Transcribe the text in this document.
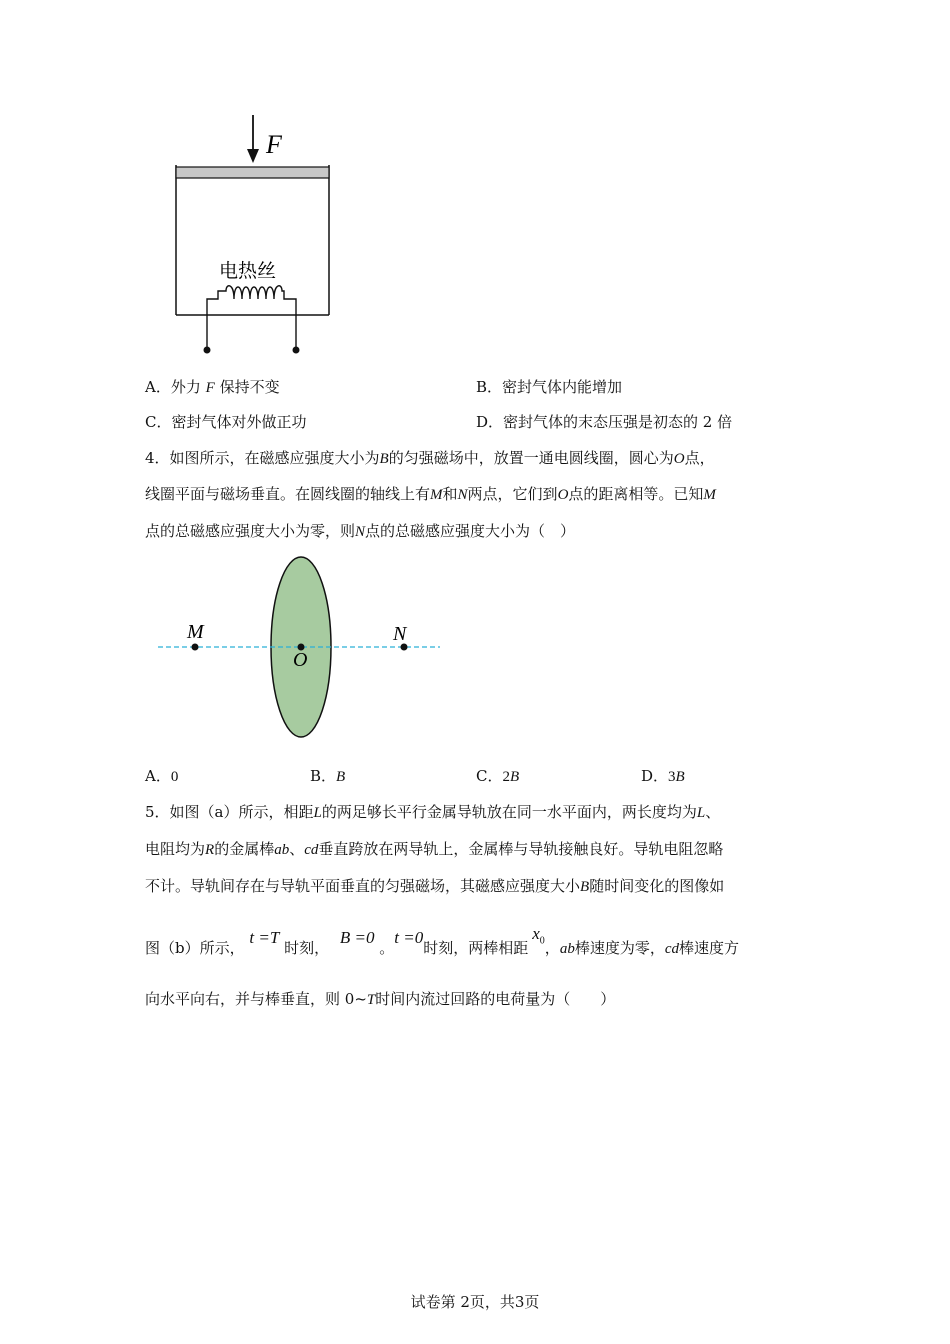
F
电热丝
A．外力 F 保持不变	B．密封气体内能增加
C．密封气体对外做正功	D．密封气体的末态压强是初态的 2 倍
4．如图所示，在磁感应强度大小为B的匀强磁场中，放置一通电圆线圈，圆心为O点，
线圈平面与磁场垂直。在圆线圈的轴线上有M和N两点，它们到O点的距离相等。已知M
点的总磁感应强度大小为零，则N点的总磁感应强度大小为（　）
M
O
N
A．0	B．B	C．2B	D．3B
5．如图（a）所示，相距L的两足够长平行金属导轨放在同一水平面内，两长度均为L、
电阻均为R的金属棒ab、cd垂直跨放在两导轨上，金属棒与导轨接触良好。导轨电阻忽略
不计。导轨间存在与导轨平面垂直的匀强磁场，其磁感应强度大小B随时间变化的图像如
图（b）所示， t =T 时刻， B =0 。t =0时刻，两棒相距$x_0$，ab棒速度为零，cd棒速度方
向水平向右，并与棒垂直，则 0~T时间内流过回路的电荷量为（　　）
试卷第 2页，共3页
